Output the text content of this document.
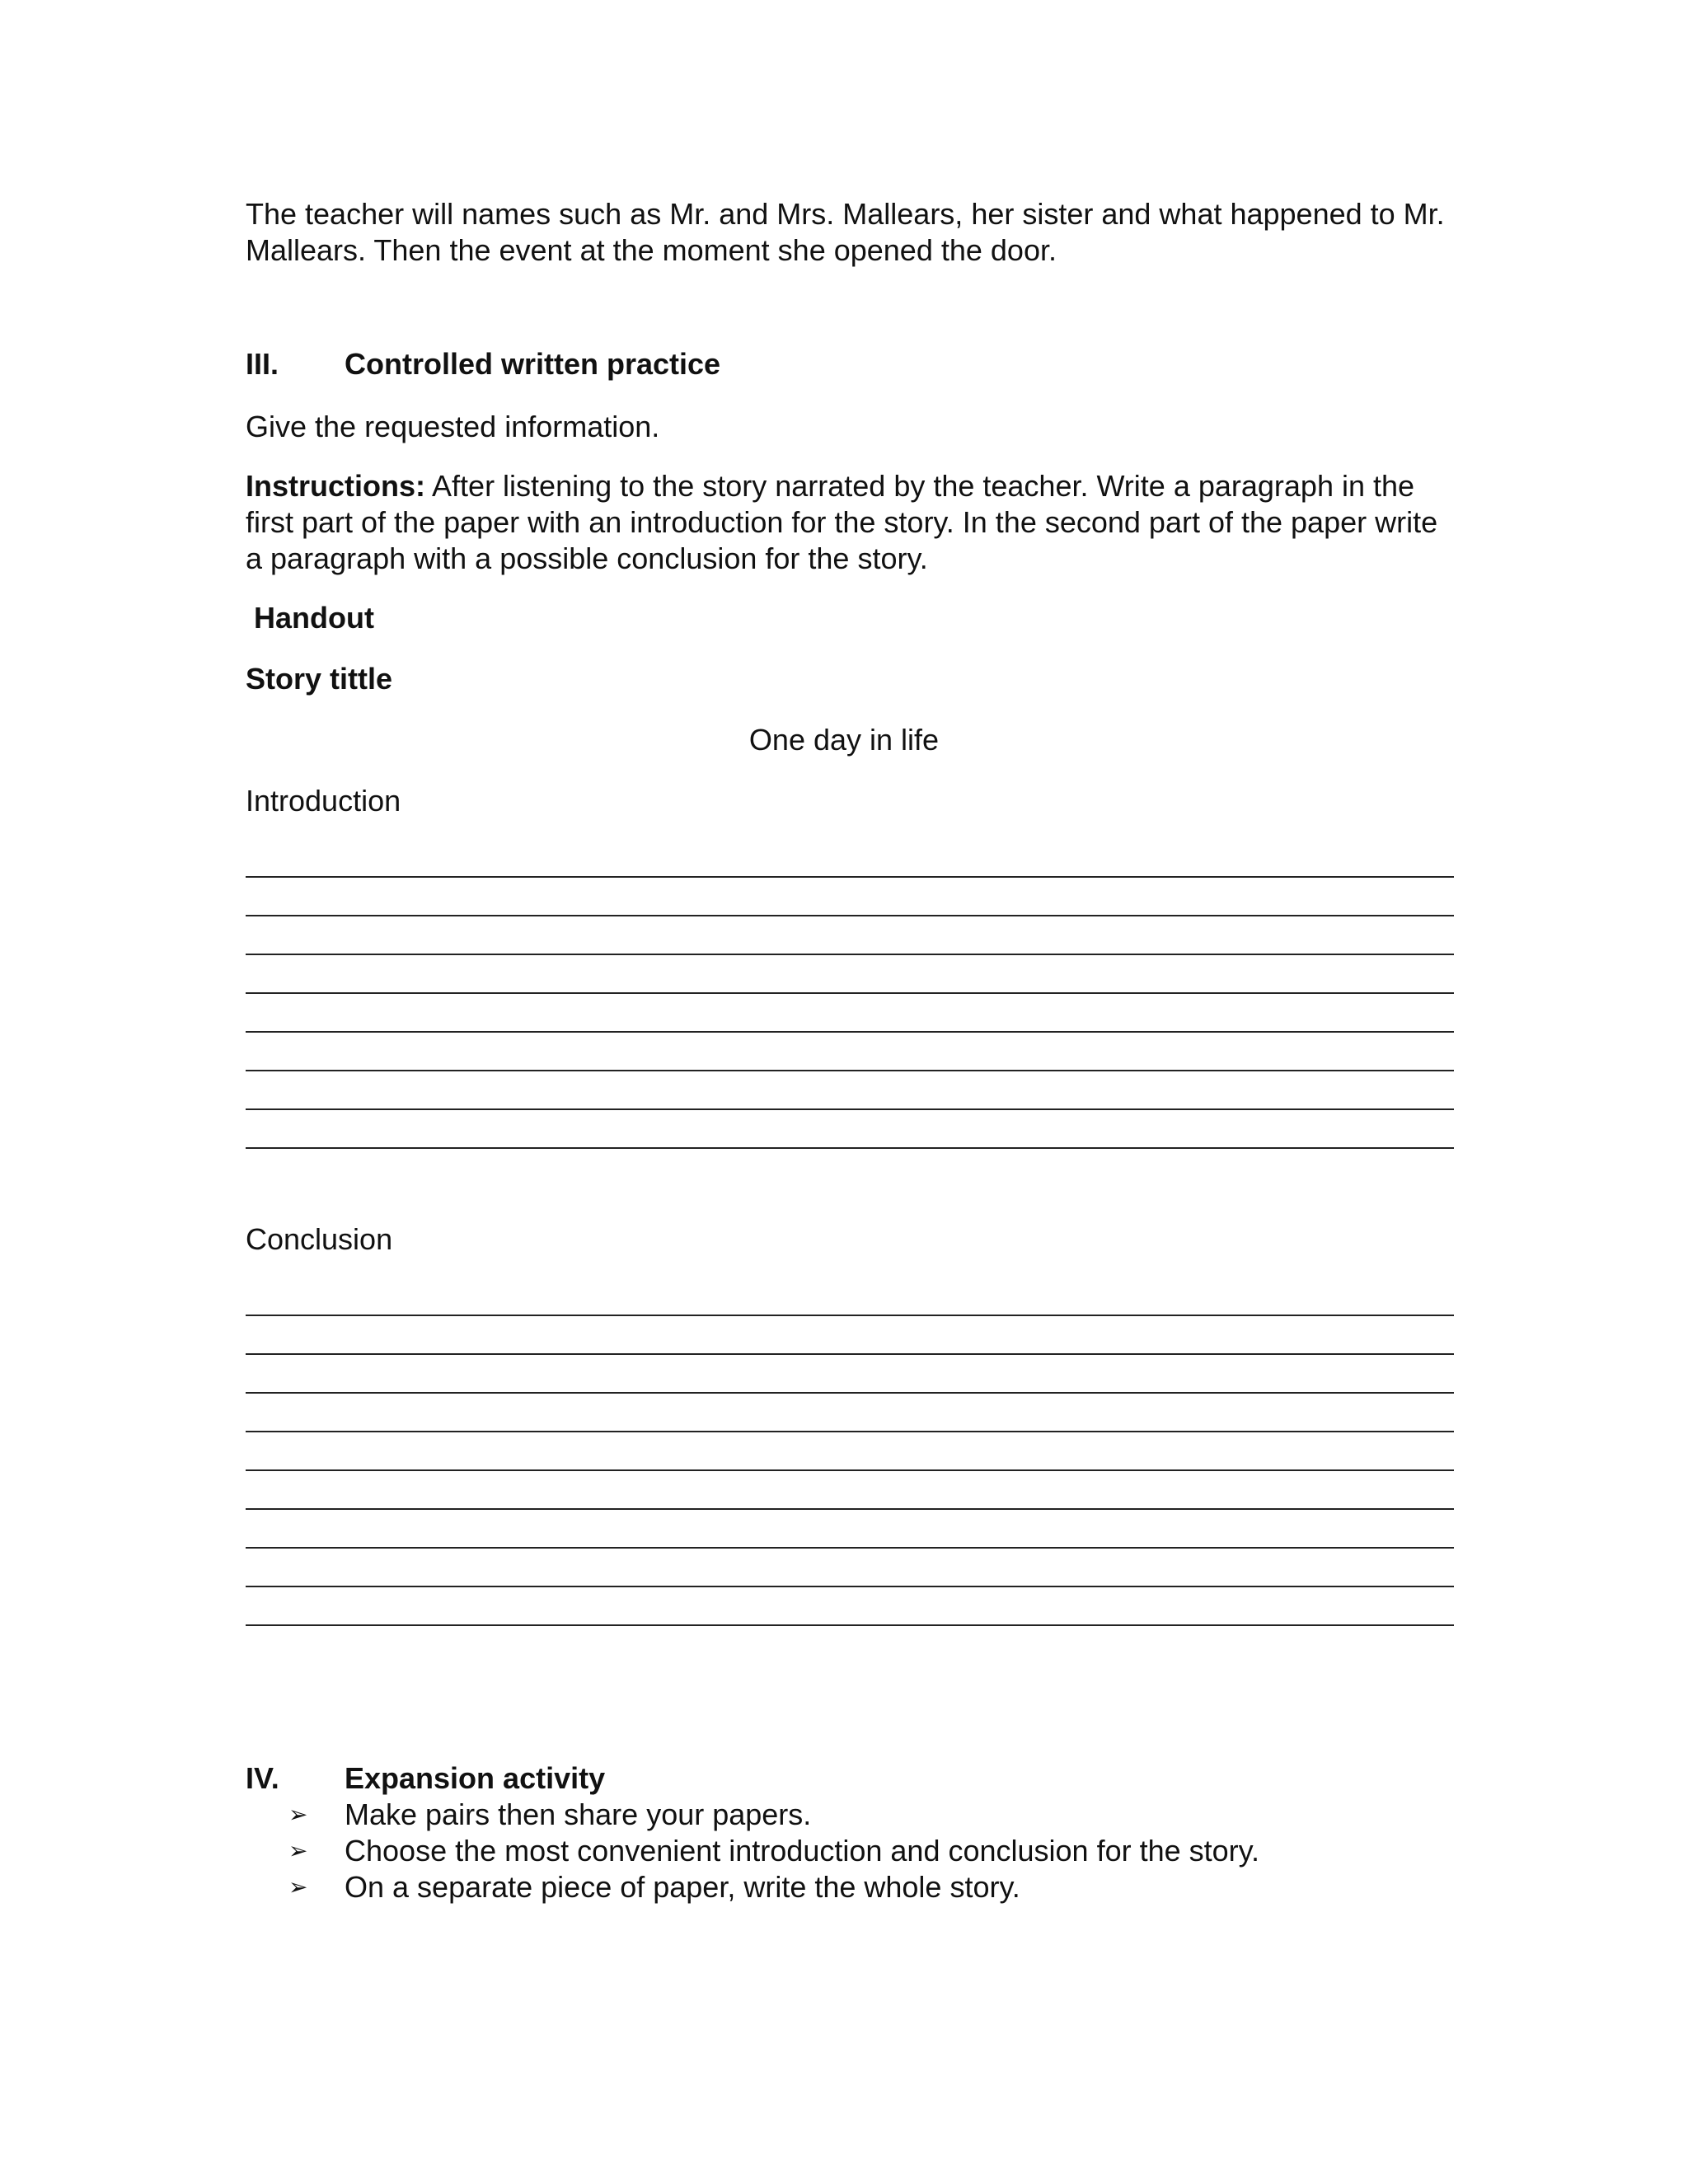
The teacher will names such as Mr. and Mrs. Mallears, her sister and what happened to Mr. Mallears. Then the event at the moment she opened the door.
III. Controlled written practice
Give the requested information.
Instructions: After listening to the story narrated by the teacher. Write a paragraph in the first part of the paper with an introduction for the story. In the second part of the paper write a paragraph with a possible conclusion for the story.
Handout
Story tittle
One day in life
Introduction
Conclusion
IV. Expansion activity
➢	Make pairs then share your papers.
➢	Choose the most convenient introduction and conclusion for the story.
➢	On a separate piece of paper, write the whole story.
